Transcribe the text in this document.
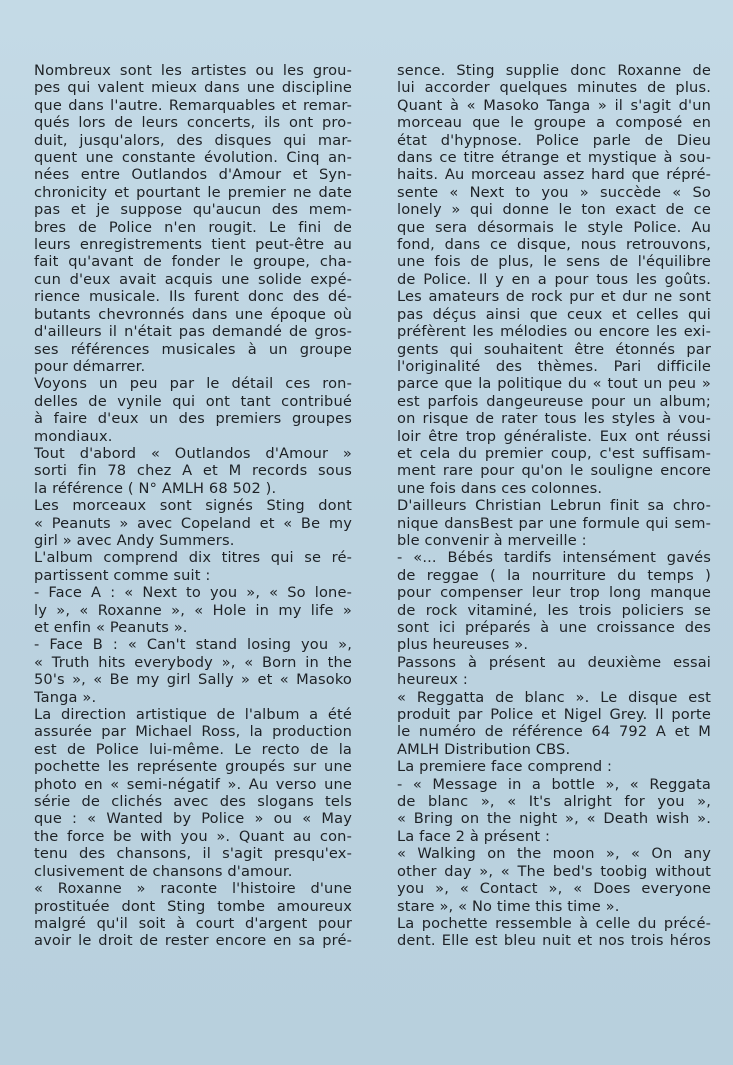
Nombreux sont les artistes ou les grou-
pes qui valent mieux dans une discipline
que dans l'autre. Remarquables et remar-
qués lors de leurs concerts, ils ont pro-
duit, jusqu'alors, des disques qui mar-
quent une constante évolution. Cinq an-
nées entre Outlandos d'Amour et Syn-
chronicity et pourtant le premier ne date
pas et je suppose qu'aucun des mem-
bres de Police n'en rougit. Le fini de
leurs enregistrements tient peut-être au
fait qu'avant de fonder le groupe, cha-
cun d'eux avait acquis une solide expé-
rience musicale. Ils furent donc des dé-
butants chevronnés dans une époque où
d'ailleurs il n'était pas demandé de gros-
ses références musicales à un groupe
pour démarrer.
Voyons un peu par le détail ces ron-
delles de vynile qui ont tant contribué
à faire d'eux un des premiers groupes
mondiaux.
Tout d'abord « Outlandos d'Amour »
sorti fin 78 chez A et M records sous
la référence ( N° AMLH 68 502 ).
Les morceaux sont signés Sting dont
« Peanuts » avec Copeland et « Be my
girl » avec Andy Summers.
L'album comprend dix titres qui se ré-
partissent comme suit :
- Face A : « Next to you », « So lone-
ly », « Roxanne », « Hole in my life »
et enfin « Peanuts ».
- Face B : « Can't stand losing you »,
« Truth hits everybody », « Born in the
50's », « Be my girl Sally » et « Masoko
Tanga ».
La direction artistique de l'album a été
assurée par Michael Ross, la production
est de Police lui-même. Le recto de la
pochette les représente groupés sur une
photo en « semi-négatif ». Au verso une
série de clichés avec des slogans tels
que : « Wanted by Police » ou « May
the force be with you ». Quant au con-
tenu des chansons, il s'agit presqu'ex-
clusivement de chansons d'amour.
« Roxanne » raconte l'histoire d'une
prostituée dont Sting tombe amoureux
malgré qu'il soit à court d'argent pour
avoir le droit de rester encore en sa pré-
sence. Sting supplie donc Roxanne de
lui accorder quelques minutes de plus.
Quant à « Masoko Tanga » il s'agit d'un
morceau que le groupe a composé en
état d'hypnose. Police parle de Dieu
dans ce titre étrange et mystique à sou-
haits. Au morceau assez hard que répré-
sente « Next to you » succède « So
lonely » qui donne le ton exact de ce
que sera désormais le style Police. Au
fond, dans ce disque, nous retrouvons,
une fois de plus, le sens de l'équilibre
de Police. Il y en a pour tous les goûts.
Les amateurs de rock pur et dur ne sont
pas déçus ainsi que ceux et celles qui
préfèrent les mélodies ou encore les exi-
gents qui souhaitent être étonnés par
l'originalité des thèmes. Pari difficile
parce que la politique du « tout un peu »
est parfois dangeureuse pour un album;
on risque de rater tous les styles à vou-
loir être trop généraliste. Eux ont réussi
et cela du premier coup, c'est suffisam-
ment rare pour qu'on le souligne encore
une fois dans ces colonnes.
D'ailleurs Christian Lebrun finit sa chro-
nique dansBest par une formule qui sem-
ble convenir à merveille :
- «... Bébés tardifs intensément gavés
de reggae ( la nourriture du temps )
pour compenser leur trop long manque
de rock vitaminé, les trois policiers se
sont ici préparés à une croissance des
plus heureuses ».
Passons à présent au deuxième essai
heureux :
« Reggatta de blanc ». Le disque est
produit par Police et Nigel Grey. Il porte
le numéro de référence 64 792 A et M
AMLH Distribution CBS.
La premiere face comprend :
- « Message in a bottle », « Reggata
de blanc », « It's alright for you »,
« Bring on the night », « Death wish ».
La face 2 à présent :
« Walking on the moon », « On any
other day », « The bed's toobig without
you », « Contact », « Does everyone
stare », « No time this time ».
La pochette ressemble à celle du précé-
dent. Elle est bleu nuit et nos trois héros
